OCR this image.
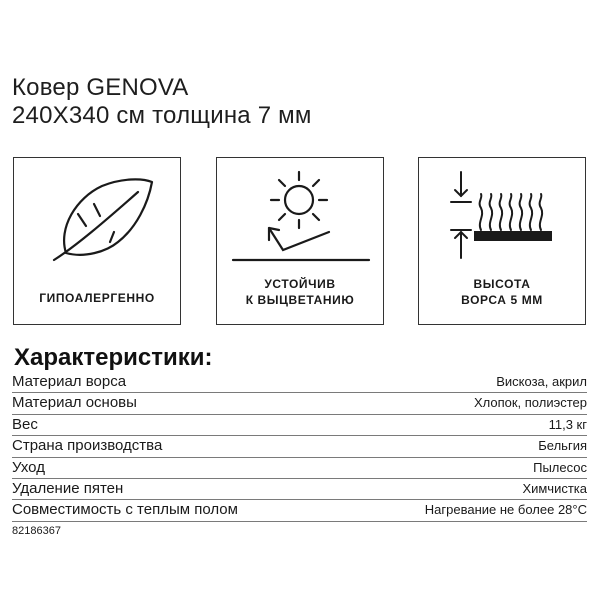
Ковер GENOVA
240X340 см толщина 7 мм
ГИПОАЛЕРГЕННО
УСТОЙЧИВ
К ВЫЦВЕТАНИЮ
ВЫСОТА
ВОРСА 5 ММ
Характеристики:
Материал ворса	Вискоза, акрил
Материал основы	Хлопок, полиэстер
Вес	11,3 кг
Страна производства	Бельгия
Уход	Пылесос
Удаление пятен	Химчистка
Совместимость с теплым полом	Нагревание не более 28°C
82186367
